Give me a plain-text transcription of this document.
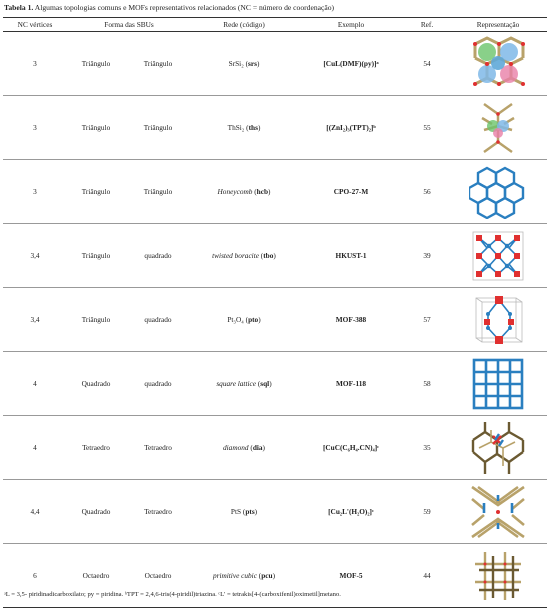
Tabela 1. Algumas topologias comuns e MOFs representativos relacionados (NC = número de coordenação)
NC vértices	Forma das SBUs		Rede (código)	Exemplo	Ref.	Representação
3	Triângulo	Triângulo	SrSi₂ (srs)	[CuL(DMF)(py)]ᵃ	54	

3	Triângulo	Triângulo	ThSi₂ (ths)	[(ZnI₂)₃(TPT)₂]ᵇ	55	

3	Triângulo	Triângulo	Honeycomb (hcb)	CPO-27-M	56	

3,4	Triângulo	quadrado	twisted boracite (tbo)	HKUST-1	39	

3,4	Triângulo	quadrado	Pt₃O₄ (pto)	MOF-388	57	

4	Quadrado	quadrado	square lattice (sql)	MOF-118	58	

4	Tetraedro	Tetraedro	diamond (dia)	[CuC(C₆H₄.CN)₄]ᶜ	35	

4,4	Quadrado	Tetraedro	PtS (pts)	[Cu₂L'(H₂O)₂]ᶜ	59	

6	Octaedro	Octaedro	primitive cubic (pcu)	MOF-5	44	
ᵃL = 3,5- piridinadicarboxilato; py = piridina. ᵇTPT = 2,4,6-tris(4-piridil)triazina. ᶜL' = tetrakis[4-(carboxifenil)oximetil]metano.
